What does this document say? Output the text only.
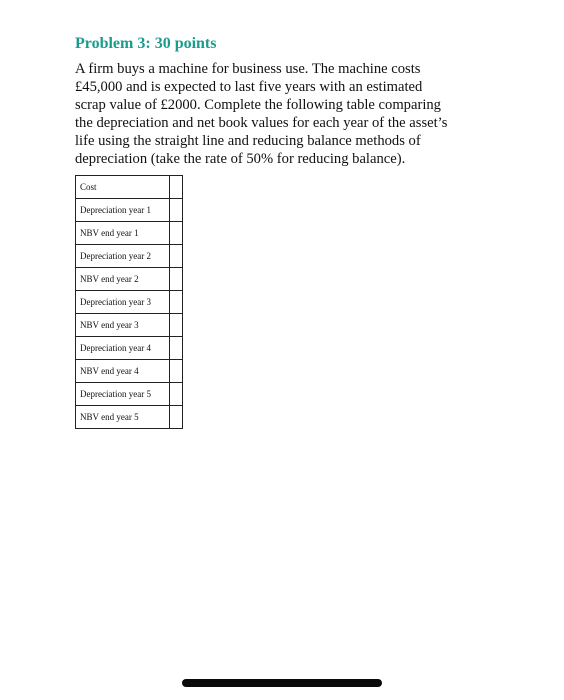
Problem 3: 30 points
A firm buys a machine for business use. The machine costs
£45,000 and is expected to last five years with an estimated
scrap value of £2000. Complete the following table comparing
the depreciation and net book values for each year of the asset’s
life using the straight line and reducing balance methods of
depreciation (take the rate of 50% for reducing balance).
Cost	
Depreciation year 1	
NBV end year 1	
Depreciation year 2	
NBV end year 2	
Depreciation year 3	
NBV end year 3	
Depreciation year 4	
NBV end year 4	
Depreciation year 5	
NBV end year 5	
